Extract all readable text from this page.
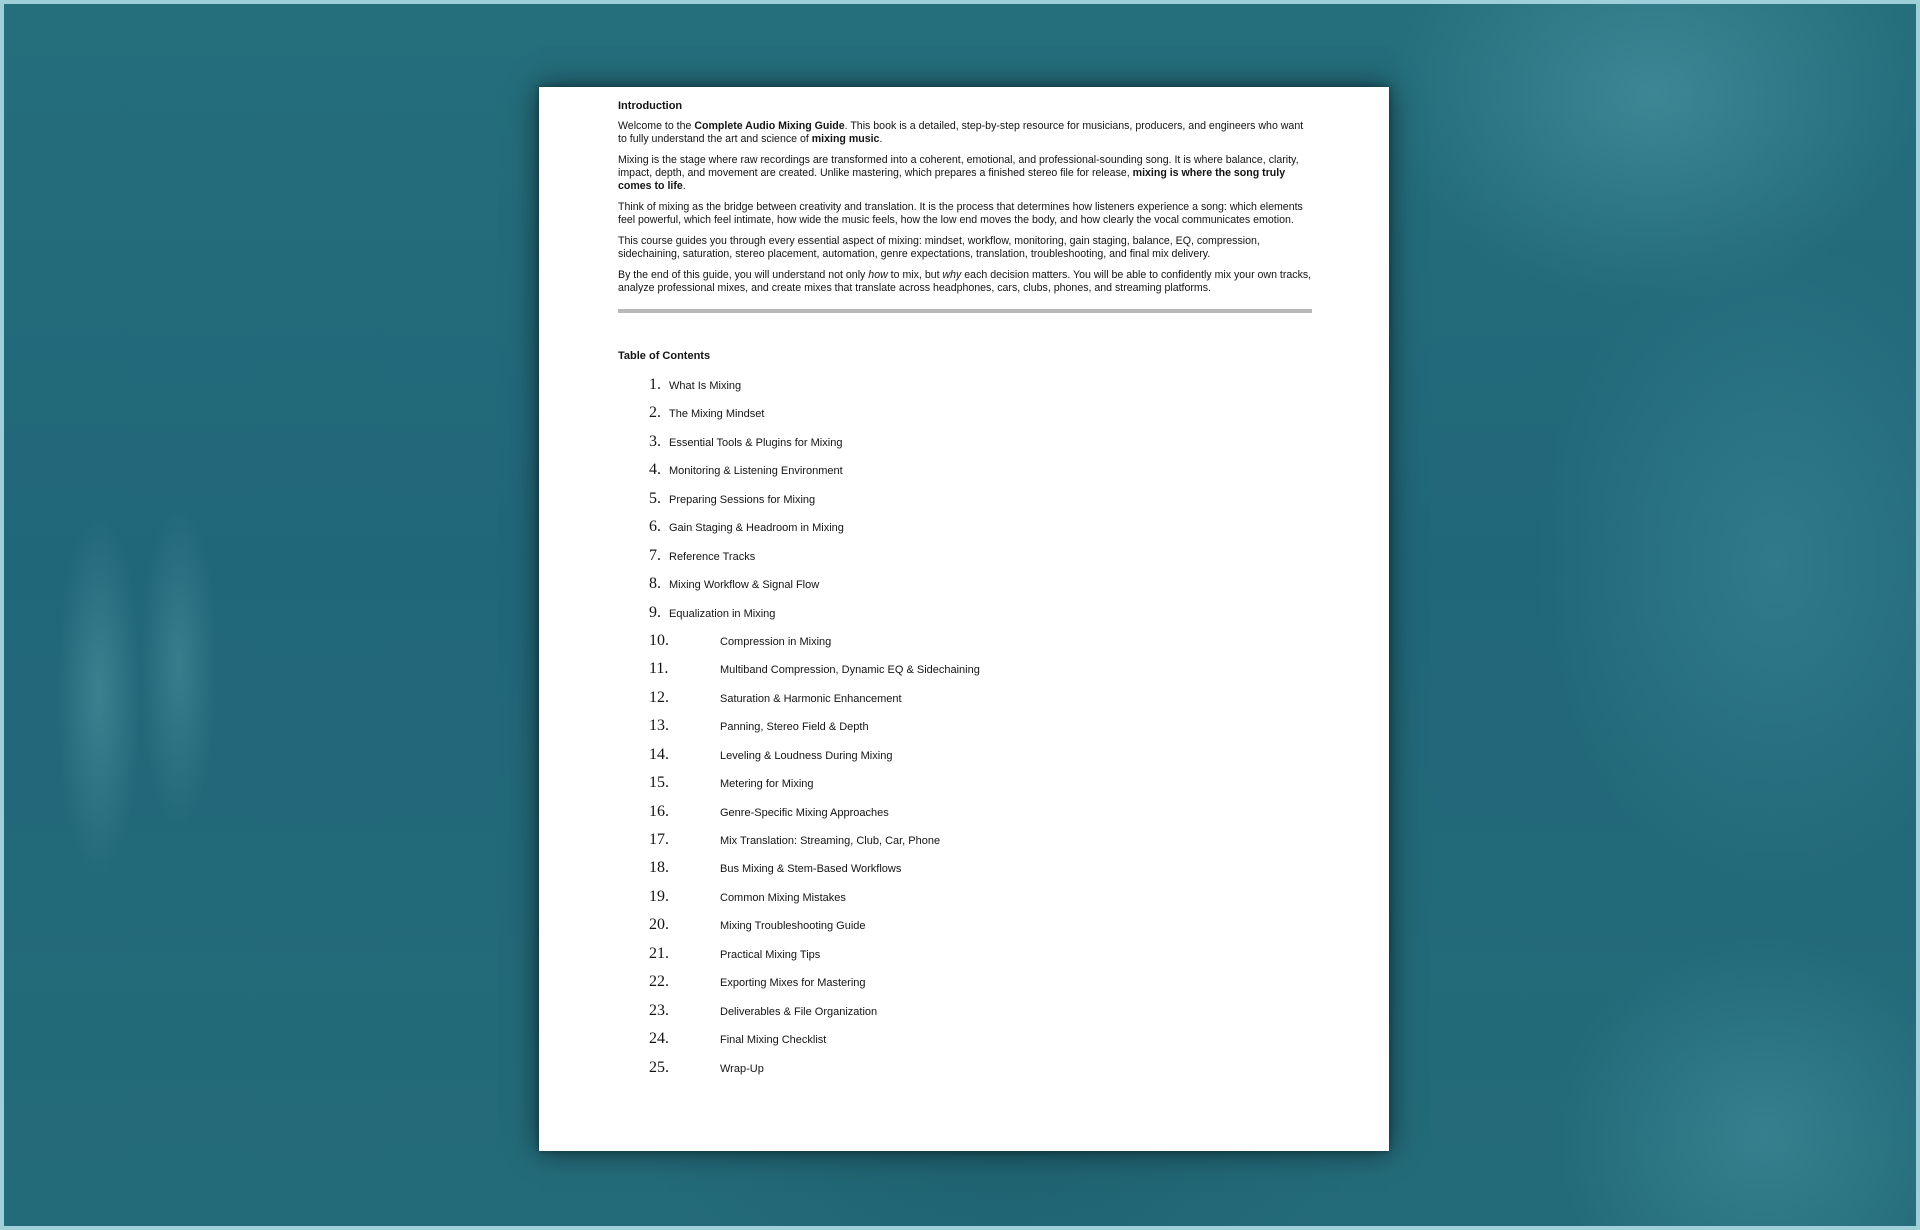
Introduction

Welcome to the Complete Audio Mixing Guide. This book is a detailed, step-by-step resource for musicians, producers, and engineers who want to fully understand the art and science of mixing music.

Mixing is the stage where raw recordings are transformed into a coherent, emotional, and professional-sounding song. It is where balance, clarity, impact, depth, and movement are created. Unlike mastering, which prepares a finished stereo file for release, mixing is where the song truly comes to life.

Think of mixing as the bridge between creativity and translation. It is the process that determines how listeners experience a song: which elements feel powerful, which feel intimate, how wide the music feels, how the low end moves the body, and how clearly the vocal communicates emotion.

This course guides you through every essential aspect of mixing: mindset, workflow, monitoring, gain staging, balance, EQ, compression, sidechaining, saturation, stereo placement, automation, genre expectations, translation, troubleshooting, and final mix delivery.

By the end of this guide, you will understand not only how to mix, but why each decision matters. You will be able to confidently mix your own tracks, analyze professional mixes, and create mixes that translate across headphones, cars, clubs, phones, and streaming platforms.

Table of Contents
1. What Is Mixing
2. The Mixing Mindset
3. Essential Tools & Plugins for Mixing
4. Monitoring & Listening Environment
5. Preparing Sessions for Mixing
6. Gain Staging & Headroom in Mixing
7. Reference Tracks
8. Mixing Workflow & Signal Flow
9. Equalization in Mixing
10.	Compression in Mixing
11.	Multiband Compression, Dynamic EQ & Sidechaining
12.	Saturation & Harmonic Enhancement
13.	Panning, Stereo Field & Depth
14.	Leveling & Loudness During Mixing
15.	Metering for Mixing
16.	Genre-Specific Mixing Approaches
17.	Mix Translation: Streaming, Club, Car, Phone
18.	Bus Mixing & Stem-Based Workflows
19.	Common Mixing Mistakes
20.	Mixing Troubleshooting Guide
21.	Practical Mixing Tips
22.	Exporting Mixes for Mastering
23.	Deliverables & File Organization
24.	Final Mixing Checklist
25.	Wrap-Up
